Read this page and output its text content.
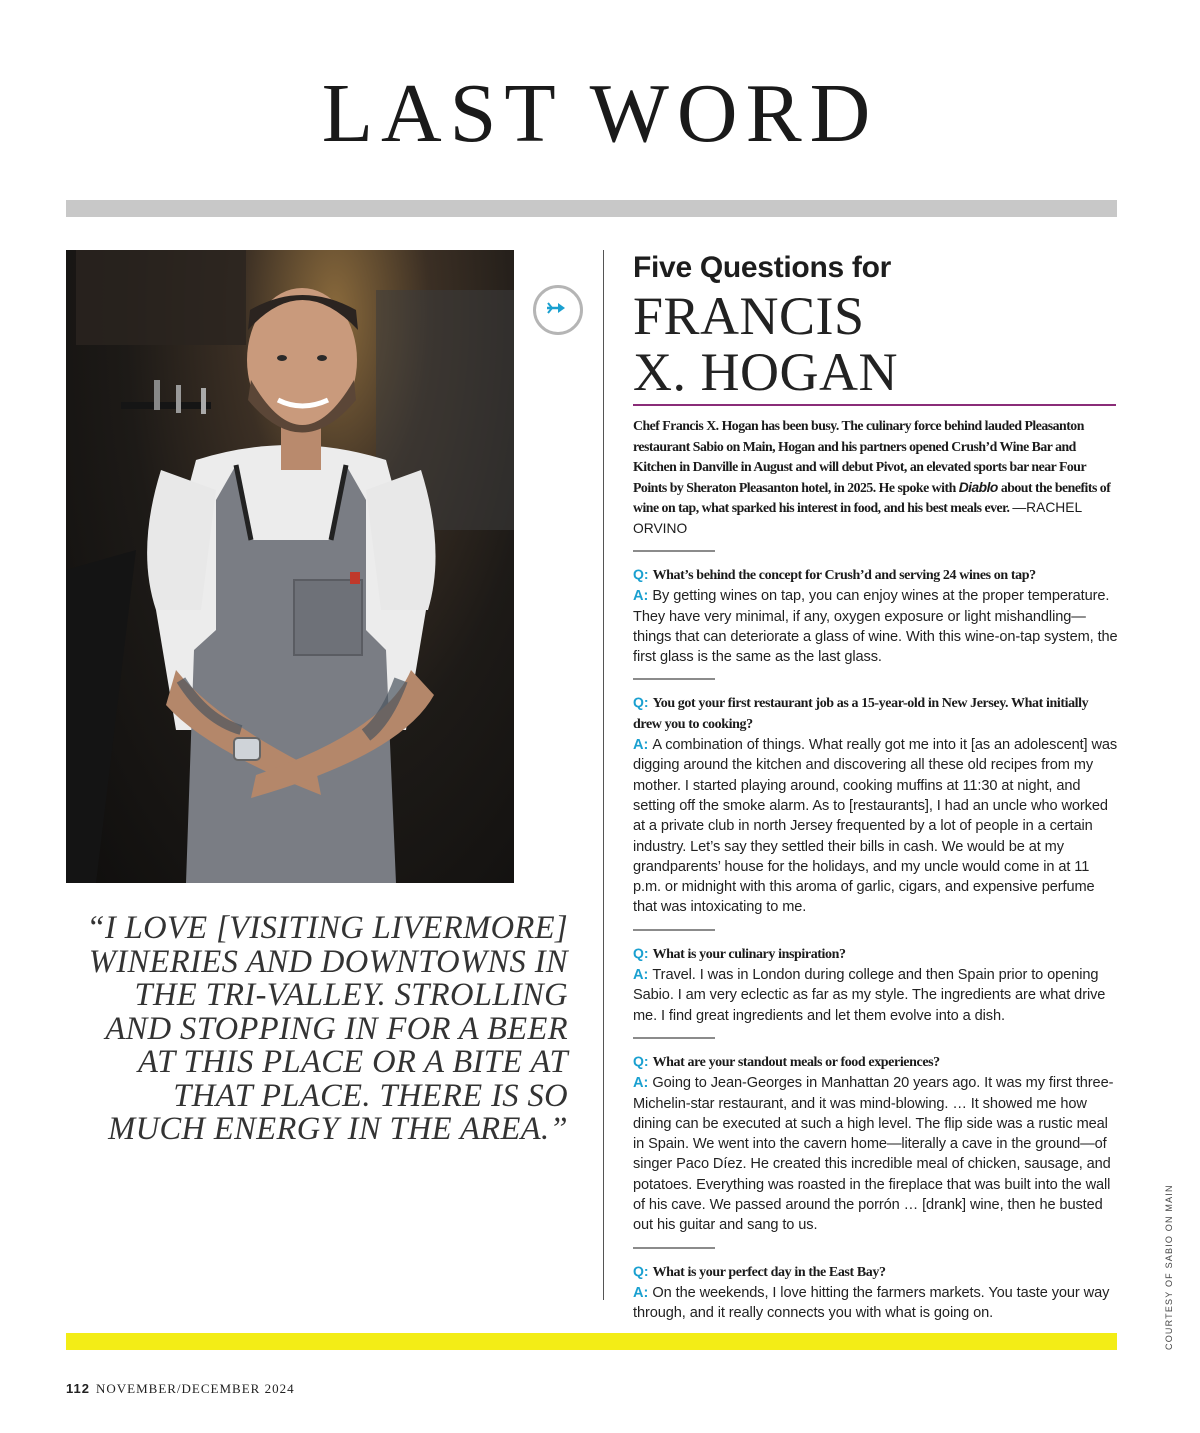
LAST WORD
“I LOVE [VISITING LIVERMORE] WINERIES AND DOWNTOWNS IN THE TRI-VALLEY. STROLLING AND STOPPING IN FOR A BEER AT THIS PLACE OR A BITE AT THAT PLACE. THERE IS SO MUCH ENERGY IN THE AREA.”
Five Questions for
FRANCIS
X. HOGAN
Chef Francis X. Hogan has been busy. The culinary force behind lauded Pleasanton restaurant Sabio on Main, Hogan and his partners opened Crush’d Wine Bar and Kitchen in Danville in August and will debut Pivot, an elevated sports bar near Four Points by Sheraton Pleasanton hotel, in 2025. He spoke with Diablo about the benefits of wine on tap, what sparked his interest in food, and his best meals ever. —RACHEL ORVINO
Q: What’s behind the concept for Crush’d and serving 24 wines on tap?
A: By getting wines on tap, you can enjoy wines at the proper temperature. They have very minimal, if any, oxygen exposure or light mishandling—things that can deteriorate a glass of wine. With this wine-on-tap system, the first glass is the same as the last glass.
Q: You got your first restaurant job as a 15-year-old in New Jersey. What initially drew you to cooking?
A: A combination of things. What really got me into it [as an adolescent] was digging around the kitchen and discovering all these old recipes from my mother. I started playing around, cooking muffins at 11:30 at night, and setting off the smoke alarm. As to [restaurants], I had an uncle who worked at a private club in north Jersey frequented by a lot of people in a certain industry. Let’s say they settled their bills in cash. We would be at my grandparents’ house for the holidays, and my uncle would come in at 11 p.m. or midnight with this aroma of garlic, cigars, and expensive perfume that was intoxicating to me.
Q: What is your culinary inspiration?
A: Travel. I was in London during college and then Spain prior to opening Sabio. I am very eclectic as far as my style. The ingredients are what drive me. I find great ingredients and let them evolve into a dish.
Q: What are your standout meals or food experiences?
A: Going to Jean-Georges in Manhattan 20 years ago. It was my first three-Michelin-star restaurant, and it was mind-blowing. … It showed me how dining can be executed at such a high level. The flip side was a rustic meal in Spain. We went into the cavern home—literally a cave in the ground—of singer Paco Díez. He created this incredible meal of chicken, sausage, and potatoes. Everything was roasted in the fireplace that was built into the wall of his cave. We passed around the porrón … [drank] wine, then he busted out his guitar and sang to us.
Q: What is your perfect day in the East Bay?
A: On the weekends, I love hitting the farmers markets. You taste your way through, and it really connects you with what is going on.	COURTESY OF SABIO ON MAIN
112 NOVEMBER/DECEMBER 2024
